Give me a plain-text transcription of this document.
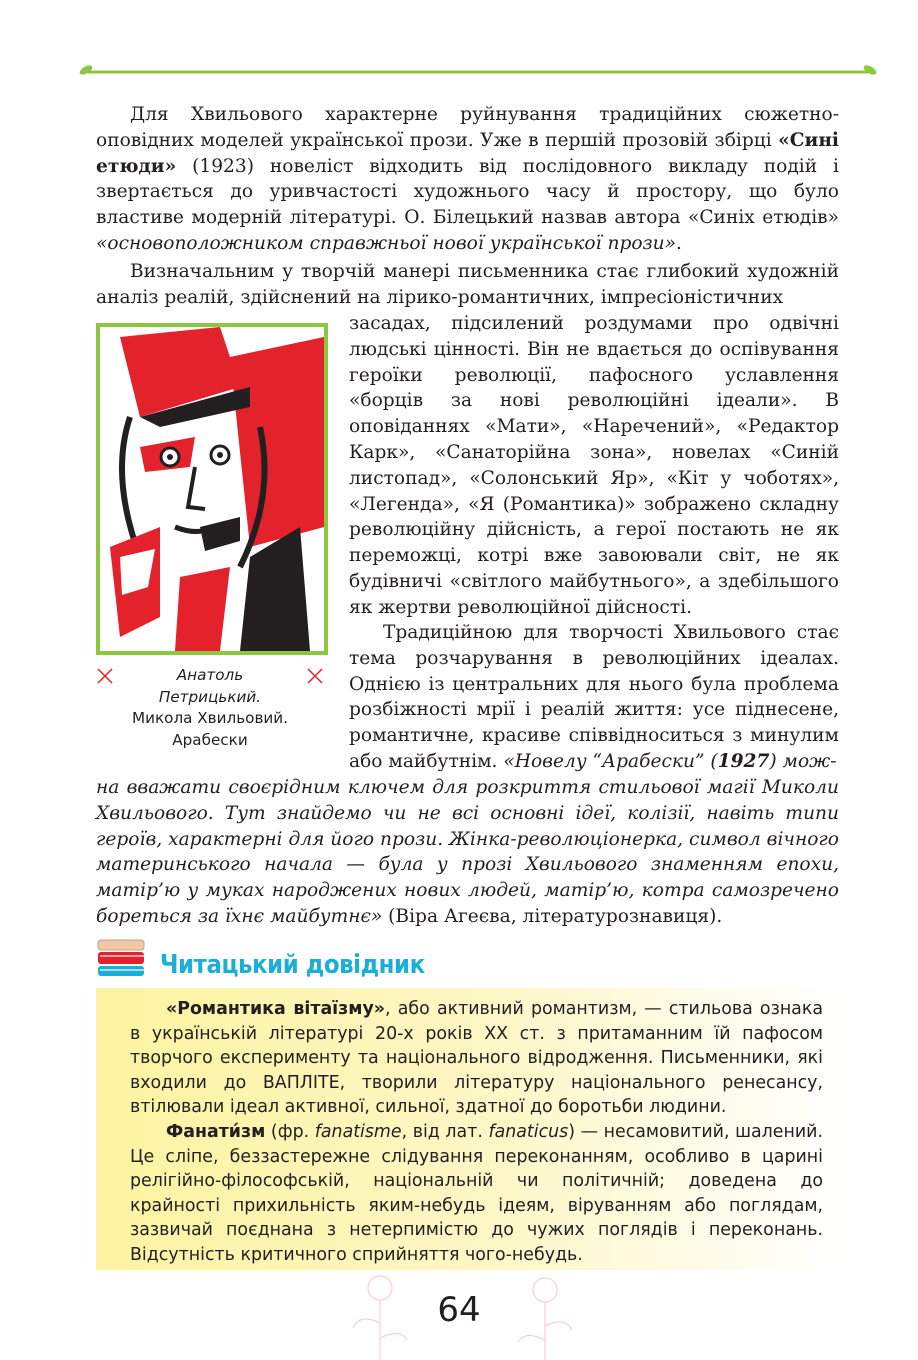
Для Хвильового характерне руйнування традиційних сюжетно-оповідних моделей української прози. Уже в першій прозовій збірці «Сині етюди» (1923) новеліст відходить від послідовного викладу подій і звертається до уривчастості художнього часу й простору, що було властиве модерній літературі. О. Білецький назвав автора «Синіх етюдів» «основоположником справжньої нової української прози».

Визначальним у творчій манері письменника стає глибокий художній аналіз реалій, здійснений на лірико-романтичних, імпресіоністичних

Анатоль
Петрицький.
Микола Хвильовий.
Арабески

засадах, підсилений роздумами про одвічні людські цінності. Він не вдається до оспівування героїки революції, пафосного уславлення «борців за нові революційні ідеали». В оповіданнях «Мати», «Наречений», «Редактор Карк», «Санаторійна зона», новелах «Синій листопад», «Солонський Яр», «Кіт у чоботях», «Легенда», «Я (Романтика)» зображено складну революційну дійсність, а герої постають не як переможці, котрі вже завоювали світ, не як будівничі «світлого майбутнього», а здебільшого як жертви революційної дійсності.

Традиційною для творчості Хвильового стає тема розчарування в революційних ідеалах. Однією із центральних для нього була проблема розбіжності мрії і реалій життя: усе піднесене, романтичне, красиве співвідноситься з минулим або майбутнім. «Новелу “Арабески” (1927) мож-

на вважати своєрідним ключем для розкриття стильової магії Миколи Хвильового. Тут знайдемо чи не всі основні ідеї, колізії, навіть типи героїв, характерні для його прози. Жінка-революціонерка, символ вічного материнського начала — була у прозі Хвильового знаменням епохи, матір’ю у муках народжених нових людей, матір’ю, котра самозречено бореться за їхнє майбутнє» (Віра Агеєва, літературознавиця).

Читацький довідник

«Романтика вітаїзму», або активний романтизм, — стильова ознака в українській літературі 20-х років ХХ ст. з притаманним їй пафосом творчого експерименту та національного відродження. Письменники, які входили до ВАПЛІТЕ, творили літературу національного ренесансу, втілювали ідеал активної, сильної, здатної до боротьби людини.

Фанати́зм (фр. fanatisme, від лат. fanaticus) — несамовитий, шалений. Це сліпе, беззастережне слідування переконанням, особливо в царині релігійно-філософській, національній чи політичній; доведена до крайності прихильність яким-небудь ідеям, віруванням або поглядам, зазвичай поєднана з нетерпимістю до чужих поглядів і переконань. Відсутність критичного сприйняття чого-небудь.

64
